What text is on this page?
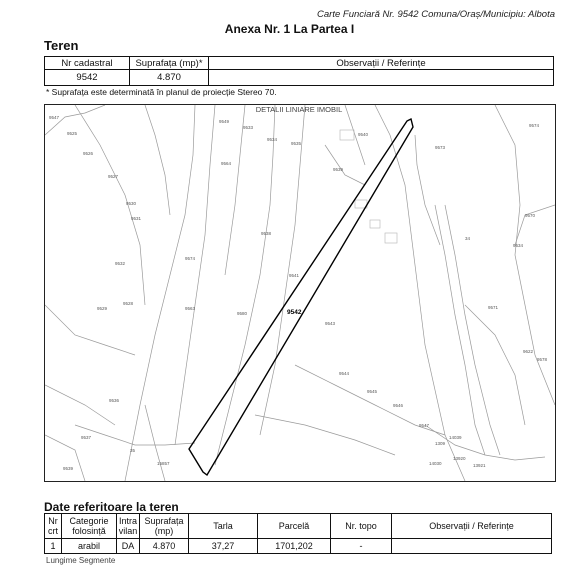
Carte Funciară Nr. 9542 Comuna/Oraș/Municipiu: Albota
Anexa Nr. 1 La Partea I
Teren
Nr cadastral	Suprafața (mp)*	Observații / Referințe
9542	4.870	
* Suprafața este determinată în planul de proiecție Stereo 70.
9547
9525
9526
9527
9530
9531
9532
9529
9528
9536
9537
9539
9549
9533
9534
9535
9564
9539
9538
9574
9563
9580
9541
9543
9544
9545
9546
9547
9540
9573
9574
9634
9570
9571
9622
9578
34
35
15857
14039
14030
13920
13921
1309
9542
DETALII LINIARE IMOBIL
Date referitoare la teren
Nr crt	Categorie folosință	Intra vilan	Suprafața (mp)	Tarla	Parcelă	Nr. topo	Observații / Referințe
1	arabil	DA	4.870	37,27	1701,202	-	
Lungime Segmente
